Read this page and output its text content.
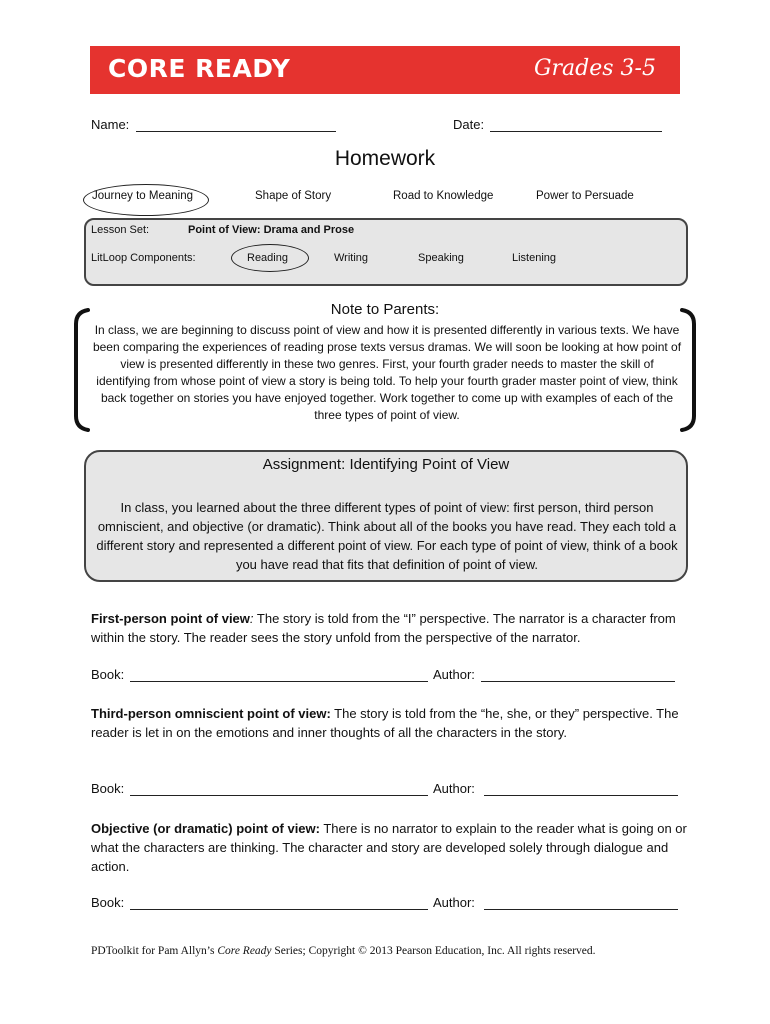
CORE READY	Grades 3-5
Name:	Date:
Homework
Journey to Meaning	Shape of Story	Road to Knowledge	Power to Persuade
Lesson Set:	Point of View: Drama and Prose
LitLoop Components:	Reading	Writing	Speaking	Listening
Note to Parents:
In class, we are beginning to discuss point of view and how it is presented differently in various texts. We have been comparing the experiences of reading prose texts versus dramas. We will soon be looking at how point of view is presented differently in these two genres. First, your fourth grader needs to master the skill of identifying from whose point of view a story is being told. To help your fourth grader master point of view, think back together on stories you have enjoyed together. Work together to come up with examples of each of the three types of point of view.
Assignment: Identifying Point of View
In class, you learned about the three different types of point of view: first person, third person omniscient, and objective (or dramatic). Think about all of the books you have read. They each told a different story and represented a different point of view. For each type of point of view, think of a book you have read that fits that definition of point of view.
First-person point of view: The story is told from the “I” perspective. The narrator is a character from within the story. The reader sees the story unfold from the perspective of the narrator.
Book:	Author:
Third-person omniscient point of view: The story is told from the “he, she, or they” perspective. The reader is let in on the emotions and inner thoughts of all the characters in the story.
Book:	Author:
Objective (or dramatic) point of view: There is no narrator to explain to the reader what is going on or what the characters are thinking. The character and story are developed solely through dialogue and action.
Book:	Author:
PDToolkit for Pam Allyn’s Core Ready Series; Copyright © 2013 Pearson Education, Inc. All rights reserved.
